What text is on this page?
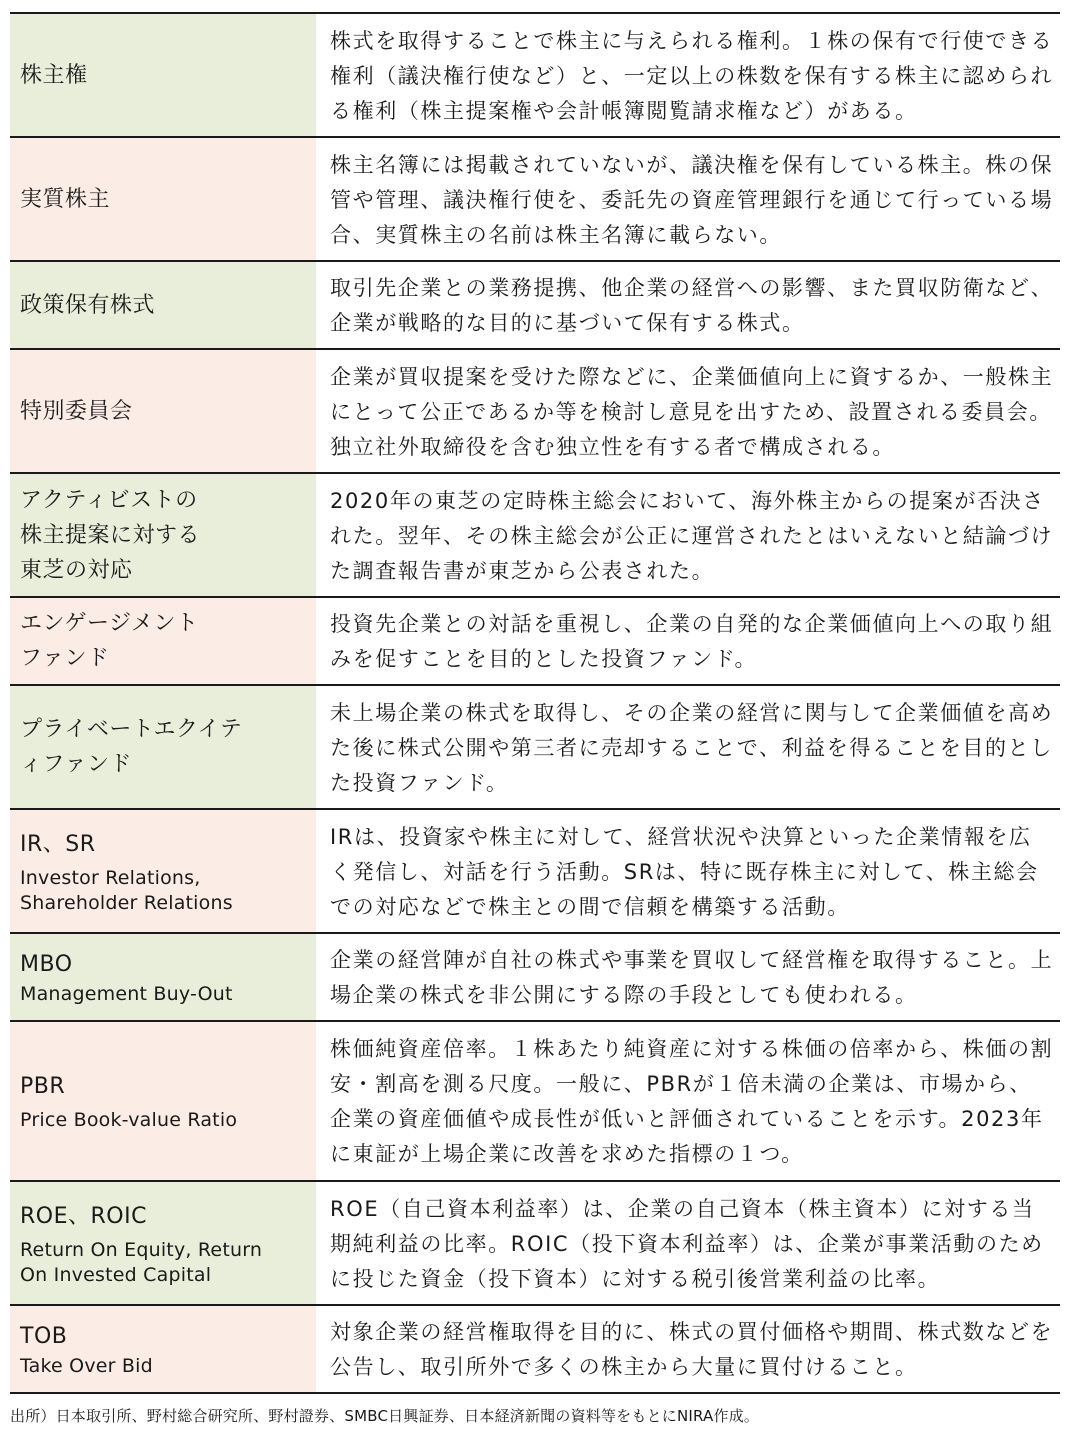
株主権
株式を取得することで株主に与えられる権利。１株の保有で行使できる権利（議決権行使など）と、一定以上の株数を保有する株主に認められる権利（株主提案権や会計帳簿閲覧請求権など）がある。
実質株主
株主名簿には掲載されていないが、議決権を保有している株主。株の保管や管理、議決権行使を、委託先の資産管理銀行を通じて行っている場合、実質株主の名前は株主名簿に載らない。
政策保有株式
取引先企業との業務提携、他企業の経営への影響、また買収防衛など、企業が戦略的な目的に基づいて保有する株式。
特別委員会
企業が買収提案を受けた際などに、企業価値向上に資するか、一般株主にとって公正であるか等を検討し意見を出すため、設置される委員会。独立社外取締役を含む独立性を有する者で構成される。
アクティビストの株主提案に対する東芝の対応
2020年の東芝の定時株主総会において、海外株主からの提案が否決された。翌年、その株主総会が公正に運営されたとはいえないと結論づけた調査報告書が東芝から公表された。
エンゲージメントファンド
投資先企業との対話を重視し、企業の自発的な企業価値向上への取り組みを促すことを目的とした投資ファンド。
プライベートエクイティファンド
未上場企業の株式を取得し、その企業の経営に関与して企業価値を高めた後に株式公開や第三者に売却することで、利益を得ることを目的とした投資ファンド。
IR、SR
Investor Relations, Shareholder Relations
IRは、投資家や株主に対して、経営状況や決算といった企業情報を広く発信し、対話を行う活動。SRは、特に既存株主に対して、株主総会での対応などで株主との間で信頼を構築する活動。
MBO
Management Buy-Out
企業の経営陣が自社の株式や事業を買収して経営権を取得すること。上場企業の株式を非公開にする際の手段としても使われる。
PBR
Price Book-value Ratio
株価純資産倍率。１株あたり純資産に対する株価の倍率から、株価の割安・割高を測る尺度。一般に、PBRが１倍未満の企業は、市場から、企業の資産価値や成長性が低いと評価されていることを示す。2023年に東証が上場企業に改善を求めた指標の１つ。
ROE、ROIC
Return On Equity, Return On Invested Capital
ROE（自己資本利益率）は、企業の自己資本（株主資本）に対する当期純利益の比率。ROIC（投下資本利益率）は、企業が事業活動のために投じた資金（投下資本）に対する税引後営業利益の比率。
TOB
Take Over Bid
対象企業の経営権取得を目的に、株式の買付価格や期間、株式数などを公告し、取引所外で多くの株主から大量に買付けること。
出所）日本取引所、野村総合研究所、野村證券、SMBC日興証券、日本経済新聞の資料等をもとにNIRA作成。
